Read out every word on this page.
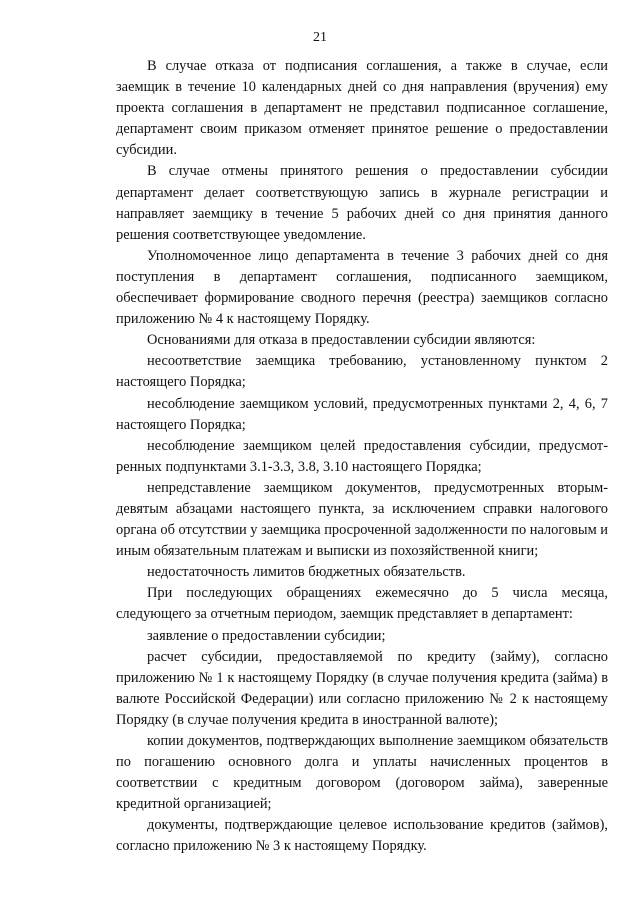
21

В случае отказа от подписания соглашения, а также в случае, если заемщик в течение 10 календарных дней со дня направления (вручения) ему проекта соглашения в департамент не представил подписанное соглашение, департамент своим приказом отменяет принятое решение о предоставлении субсидии.

В случае отмены принятого решения о предоставлении субсидии департамент делает соответствующую запись в журнале регистрации и направляет заемщику в течение 5 рабочих дней со дня принятия данного решения соответствующее уведомление.

Уполномоченное лицо департамента в течение 3 рабочих дней со дня поступления в департамент соглашения, подписанного заемщиком, обеспечивает формирование сводного перечня (реестра) заемщиков согласно приложению № 4 к настоящему Порядку.

Основаниями для отказа в предоставлении субсидии являются:

несоответствие заемщика требованию, установленному пунктом 2 настоящего Порядка;

несоблюдение заемщиком условий, предусмотренных пунктами 2, 4, 6, 7 настоящего Порядка;

несоблюдение заемщиком целей предоставления субсидии, предусмотренных подпунктами 3.1-3.3, 3.8, 3.10 настоящего Порядка;

непредставление заемщиком документов, предусмотренных вторым-девятым абзацами настоящего пункта, за исключением справки налогового органа об отсутствии у заемщика просроченной задолженности по налоговым и иным обязательным платежам и выписки из похозяйственной книги;

недостаточность лимитов бюджетных обязательств.

При последующих обращениях ежемесячно до 5 числа месяца, следующего за отчетным периодом, заемщик представляет в департамент:

заявление о предоставлении субсидии;

расчет субсидии, предоставляемой по кредиту (займу), согласно приложению № 1 к настоящему Порядку (в случае получения кредита (займа) в валюте Российской Федерации) или согласно приложению № 2 к настоящему Порядку (в случае получения кредита в иностранной валюте);

копии документов, подтверждающих выполнение заемщиком обязательств по погашению основного долга и уплаты начисленных процентов в соответствии с кредитным договором (договором займа), заверенные кредитной организацией;

документы, подтверждающие целевое использование кредитов (займов), согласно приложению № 3 к настоящему Порядку.
